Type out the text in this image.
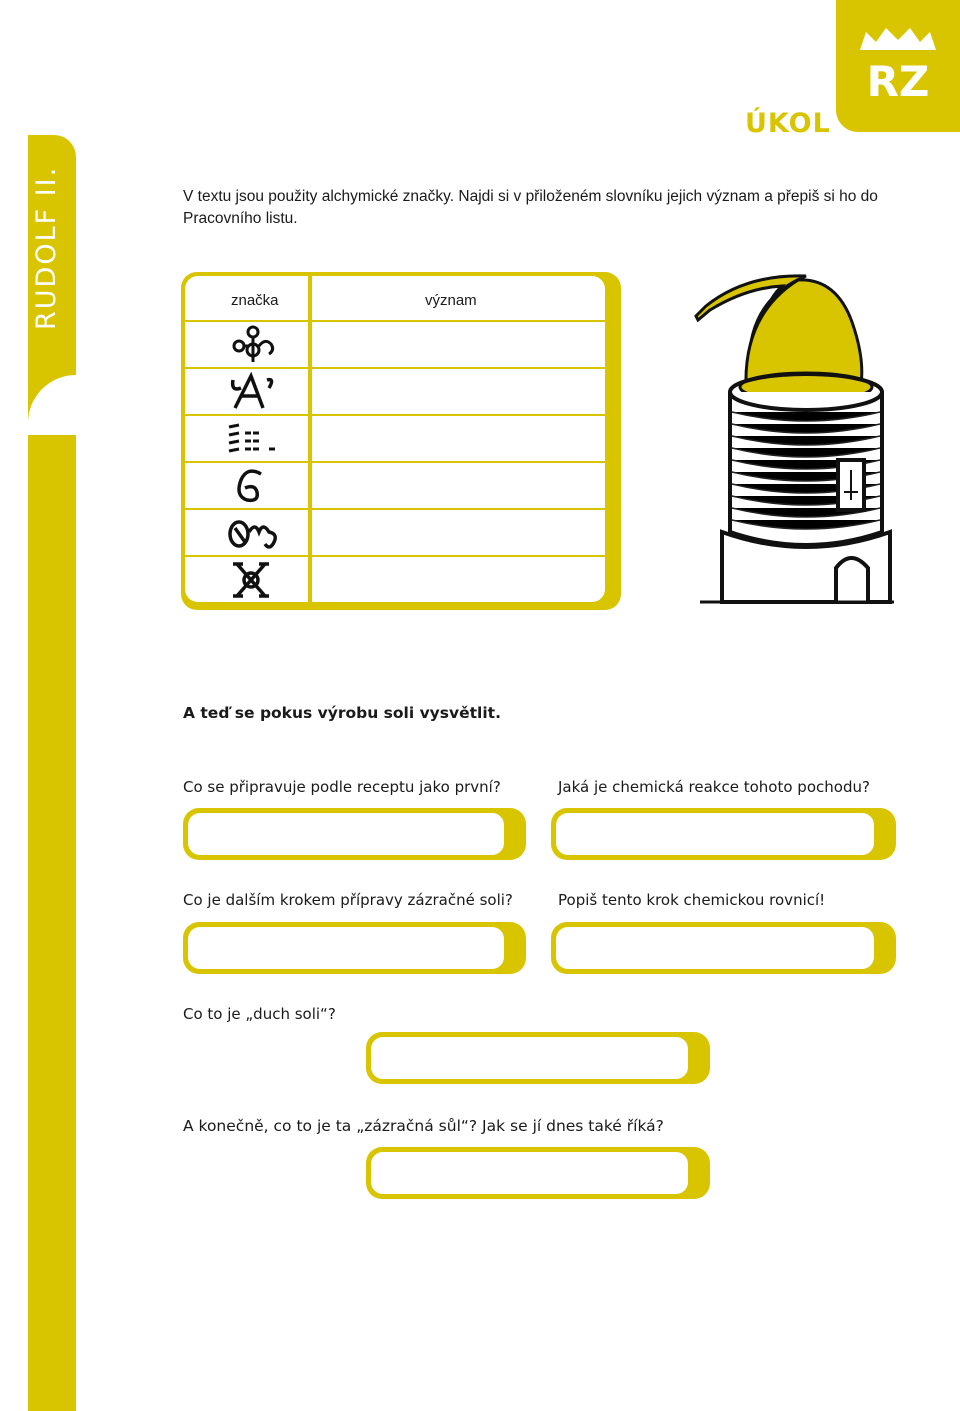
RUDOLF II.
RZ
ÚKOL
V textu jsou použity alchymické značky. Najdi si v přiloženém slovníku jejich význam a přepiš si ho do Pracovního listu.
značka	význam
A teď se pokus výrobu soli vysvětlit.
Co se připravuje podle receptu jako první?	Jaká je chemická reakce tohoto pochodu?
Co je dalším krokem přípravy zázračné soli?	Popiš tento krok chemickou rovnicí!
Co to je „duch soli“?
A konečně, co to je ta „zázračná sůl“? Jak se jí dnes také říká?
